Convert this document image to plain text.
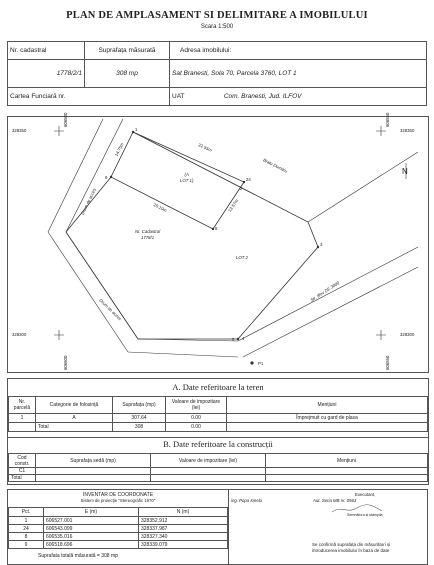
PLAN DE AMPLASAMENT SI DELIMITARE A IMOBILULUI
Scara 1:500
Nr. cadastral	Suprafața măsurată	Adresa imobilului:
1778/2/1	308 mp	Sat Branesti, Sola 70, Parcela 3760, LOT 1
Cartea Funciară nr.		UAT Com. Branesti, Jud. ILFOV
328350
606500	606550
328350
328300
606500	606550
328300
N
Drum de acces
Drum de acces
Bratu Dumitru
Str. Ilfov DE 3000
(A
LOT 1)
LOT 2
Nr. Cadastral
1778/1
14.75m	22.55m
20.10m	13.57m
9
1
24
2
8
3
5 4
P1
A. Date referitoare la teren
Nr. parcelă	Categorie de folosință	Suprafața (mp)	Valoare de impozitare (lei)	Mențiuni
1	A	307.64	0.00	Împrejmuit cu gard de plasa
	Total	308	0.00	
B. Date referitoare la construcții
Cod constr.	Suprafața sedă (mp)	Valoare de impozitare (lei)	Mențiuni
C1			
Total			
INVENTAR DE COORDONATE
Sistem de proiecție "Stereografic 1970"
Pct.	E (m)	N (m)
1	606527.001	328352.912
24	606543.099	328337.987
8	606535.016	328327.340
9	606518.696	328339.079
Suprafata totală măsurată = 308 mp
Executant,
ing. Popa Ionela	Aut. Seria MB nr. 0563
Semnătura și ștampila
Se confirmă suprafața din măsurători și
introducerea imobilului în baza de date
